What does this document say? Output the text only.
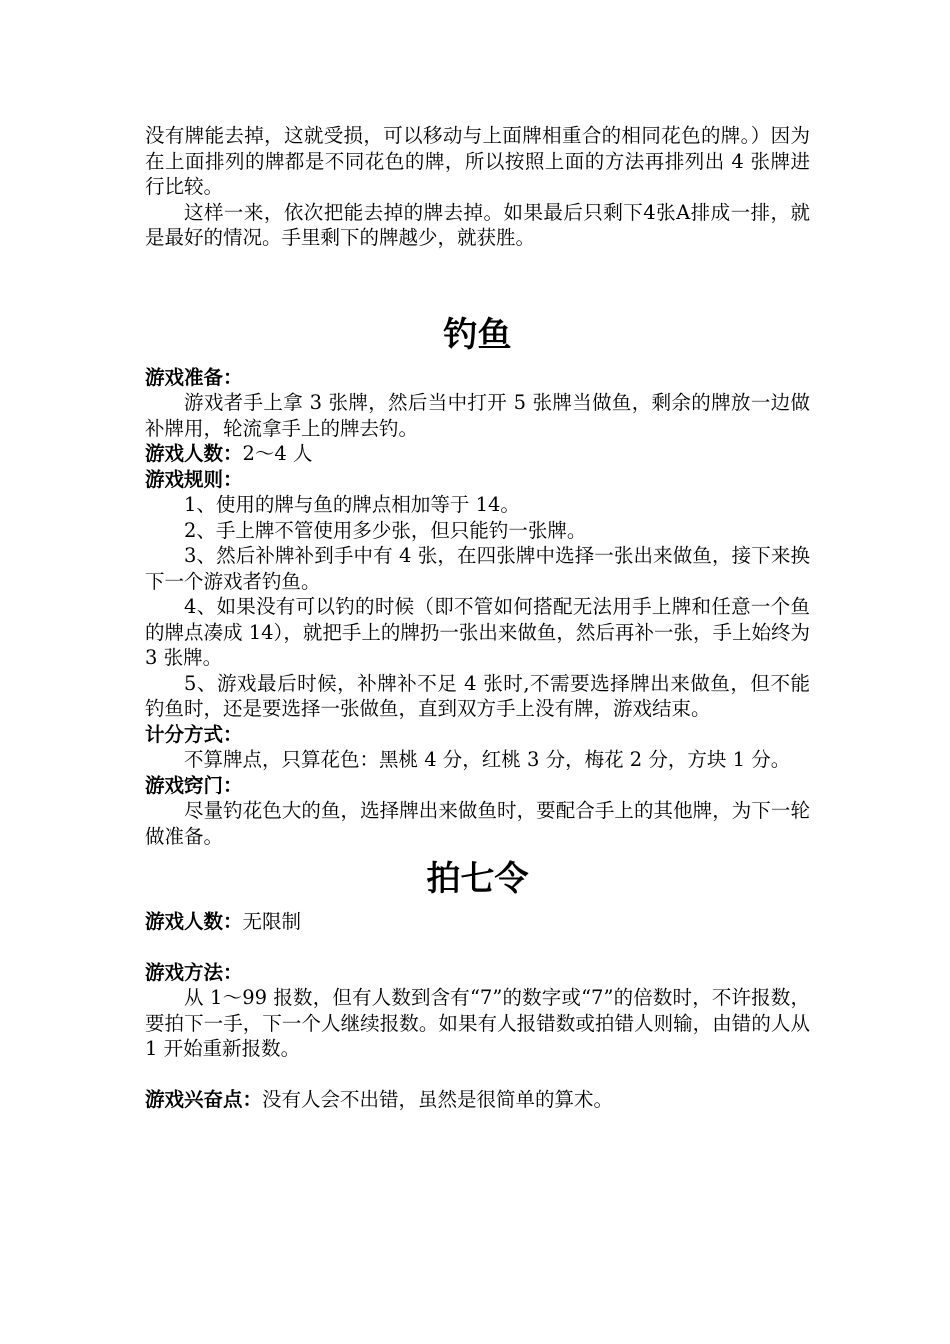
没有牌能去掉，这就受损，可以移动与上面牌相重合的相同花色的牌。）因为在上面排列的牌都是不同花色的牌，所以按照上面的方法再排列出 4 张牌进行比较。

这样一来，依次把能去掉的牌去掉。如果最后只剩下4张A排成一排，就是最好的情况。手里剩下的牌越少，就获胜。

钓鱼

游戏准备：

游戏者手上拿 3 张牌，然后当中打开 5 张牌当做鱼，剩余的牌放一边做补牌用，轮流拿手上的牌去钓。

游戏人数：2～4 人

游戏规则：

1、使用的牌与鱼的牌点相加等于 14。

2、手上牌不管使用多少张，但只能钓一张牌。

3、然后补牌补到手中有 4 张，在四张牌中选择一张出来做鱼，接下来换下一个游戏者钓鱼。

4、如果没有可以钓的时候（即不管如何搭配无法用手上牌和任意一个鱼的牌点凑成 14），就把手上的牌扔一张出来做鱼，然后再补一张，手上始终为 3 张牌。

5、游戏最后时候，补牌补不足 4 张时,不需要选择牌出来做鱼，但不能钓鱼时，还是要选择一张做鱼，直到双方手上没有牌，游戏结束。

计分方式：

不算牌点，只算花色：黑桃 4 分，红桃 3 分，梅花 2 分，方块 1 分。

游戏窍门：

尽量钓花色大的鱼，选择牌出来做鱼时，要配合手上的其他牌，为下一轮做准备。

拍七令

游戏人数：无限制

游戏方法：

从 1～99 报数，但有人数到含有“7”的数字或“7”的倍数时，不许报数，要拍下一手，下一个人继续报数。如果有人报错数或拍错人则输，由错的人从 1 开始重新报数。

游戏兴奋点：没有人会不出错，虽然是很简单的算术。
